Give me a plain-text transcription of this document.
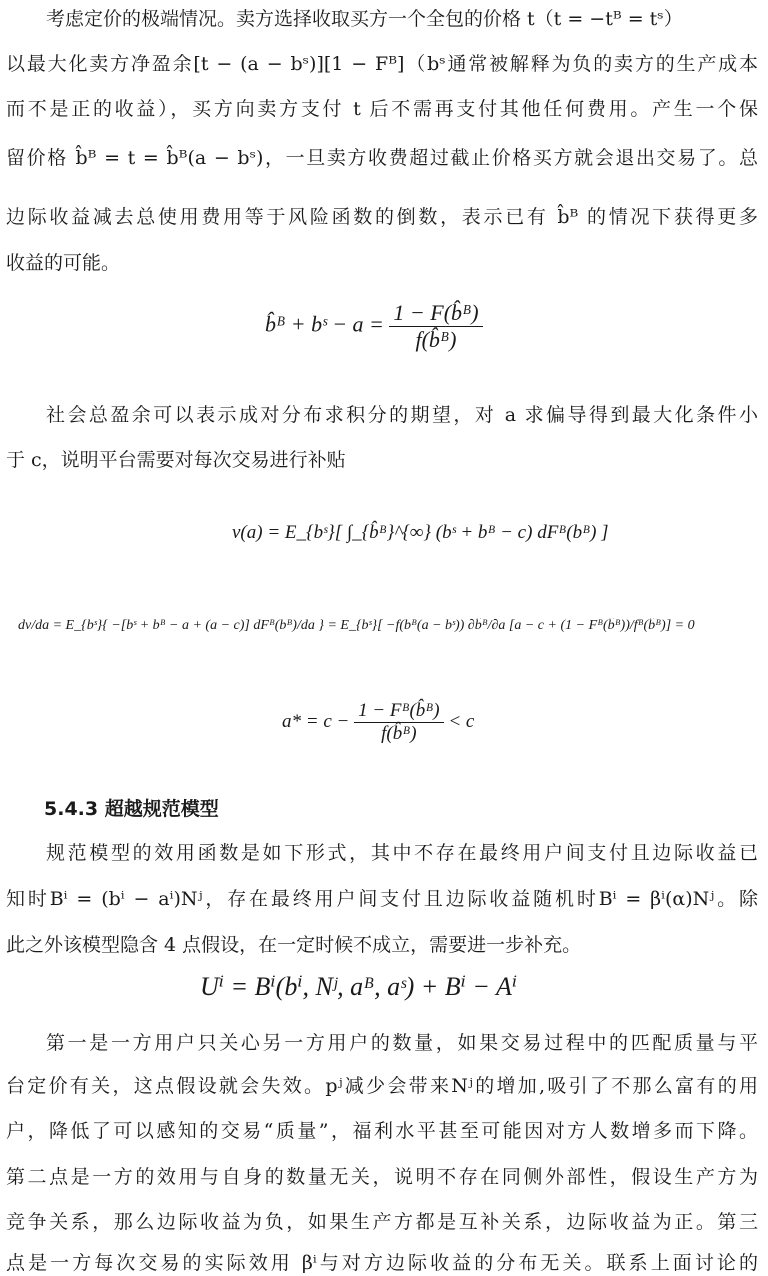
考虑定价的极端情况。卖方选择收取买方一个全包的价格 t（t = −tᴮ = tˢ）
以最大化卖方净盈余[t − (a − bˢ)][1 − Fᴮ]（bˢ通常被解释为负的卖方的生产成本
而不是正的收益），买方向卖方支付 t 后不需再支付其他任何费用。产生一个保
留价格 b̂ᴮ = t = b̂ᴮ(a − bˢ)，一旦卖方收费超过截止价格买方就会退出交易了。总
边际收益减去总使用费用等于风险函数的倒数，表示已有 b̂ᴮ 的情况下获得更多
收益的可能。
b̂ᴮ + bˢ − $a = \frac{\text{1 − F(b̂ᴮ)}}{\text{f(b̂ᴮ)}}$
社会总盈余可以表示成对分布求积分的期望，对 a 求偏导得到最大化条件小
于 c，说明平台需要对每次交易进行补贴
v(a) = E_{bˢ}[ ∫_{b̂ᴮ}^{∞} (bˢ + bᴮ − c) dFᴮ(bᴮ) ]
dv/da = E_{bˢ}{ −[bˢ + bᴮ − a + (a − c)] dFᴮ(bᴮ)/da } = E_{bˢ}[ −f(bᴮ(a − bˢ)) ∂b̂ᴮ/∂a [a − c + (1 − Fᴮ(b̂ᴮ))/fᴮ(b̂ᴮ)] = 0
$a* = c - \frac{\text{1 − Fᴮ(b̂ᴮ)}}{\text{f(b̂ᴮ)}} < c$
5.4.3 超越规范模型
规范模型的效用函数是如下形式，其中不存在最终用户间支付且边际收益已
知时Bⁱ = (bⁱ − aⁱ)Nʲ，存在最终用户间支付且边际收益随机时Bⁱ = βⁱ(α)Nʲ。除
此之外该模型隐含 4 点假设，在一定时候不成立，需要进一步补充。
Uⁱ = Bⁱ(bⁱ, Nʲ, aᴮ, aˢ) + Bⁱ − Aⁱ
第一是一方用户只关心另一方用户的数量，如果交易过程中的匹配质量与平
台定价有关，这点假设就会失效。pʲ减少会带来Nʲ的增加,吸引了不那么富有的用
户，降低了可以感知的交易“质量”，福利水平甚至可能因对方人数增多而下降。
第二点是一方的效用与自身的数量无关，说明不存在同侧外部性，假设生产方为
竞争关系，那么边际收益为负，如果生产方都是互补关系，边际收益为正。第三
点是一方每次交易的实际效用 βⁱ与对方边际收益的分布无关。联系上面讨论的
